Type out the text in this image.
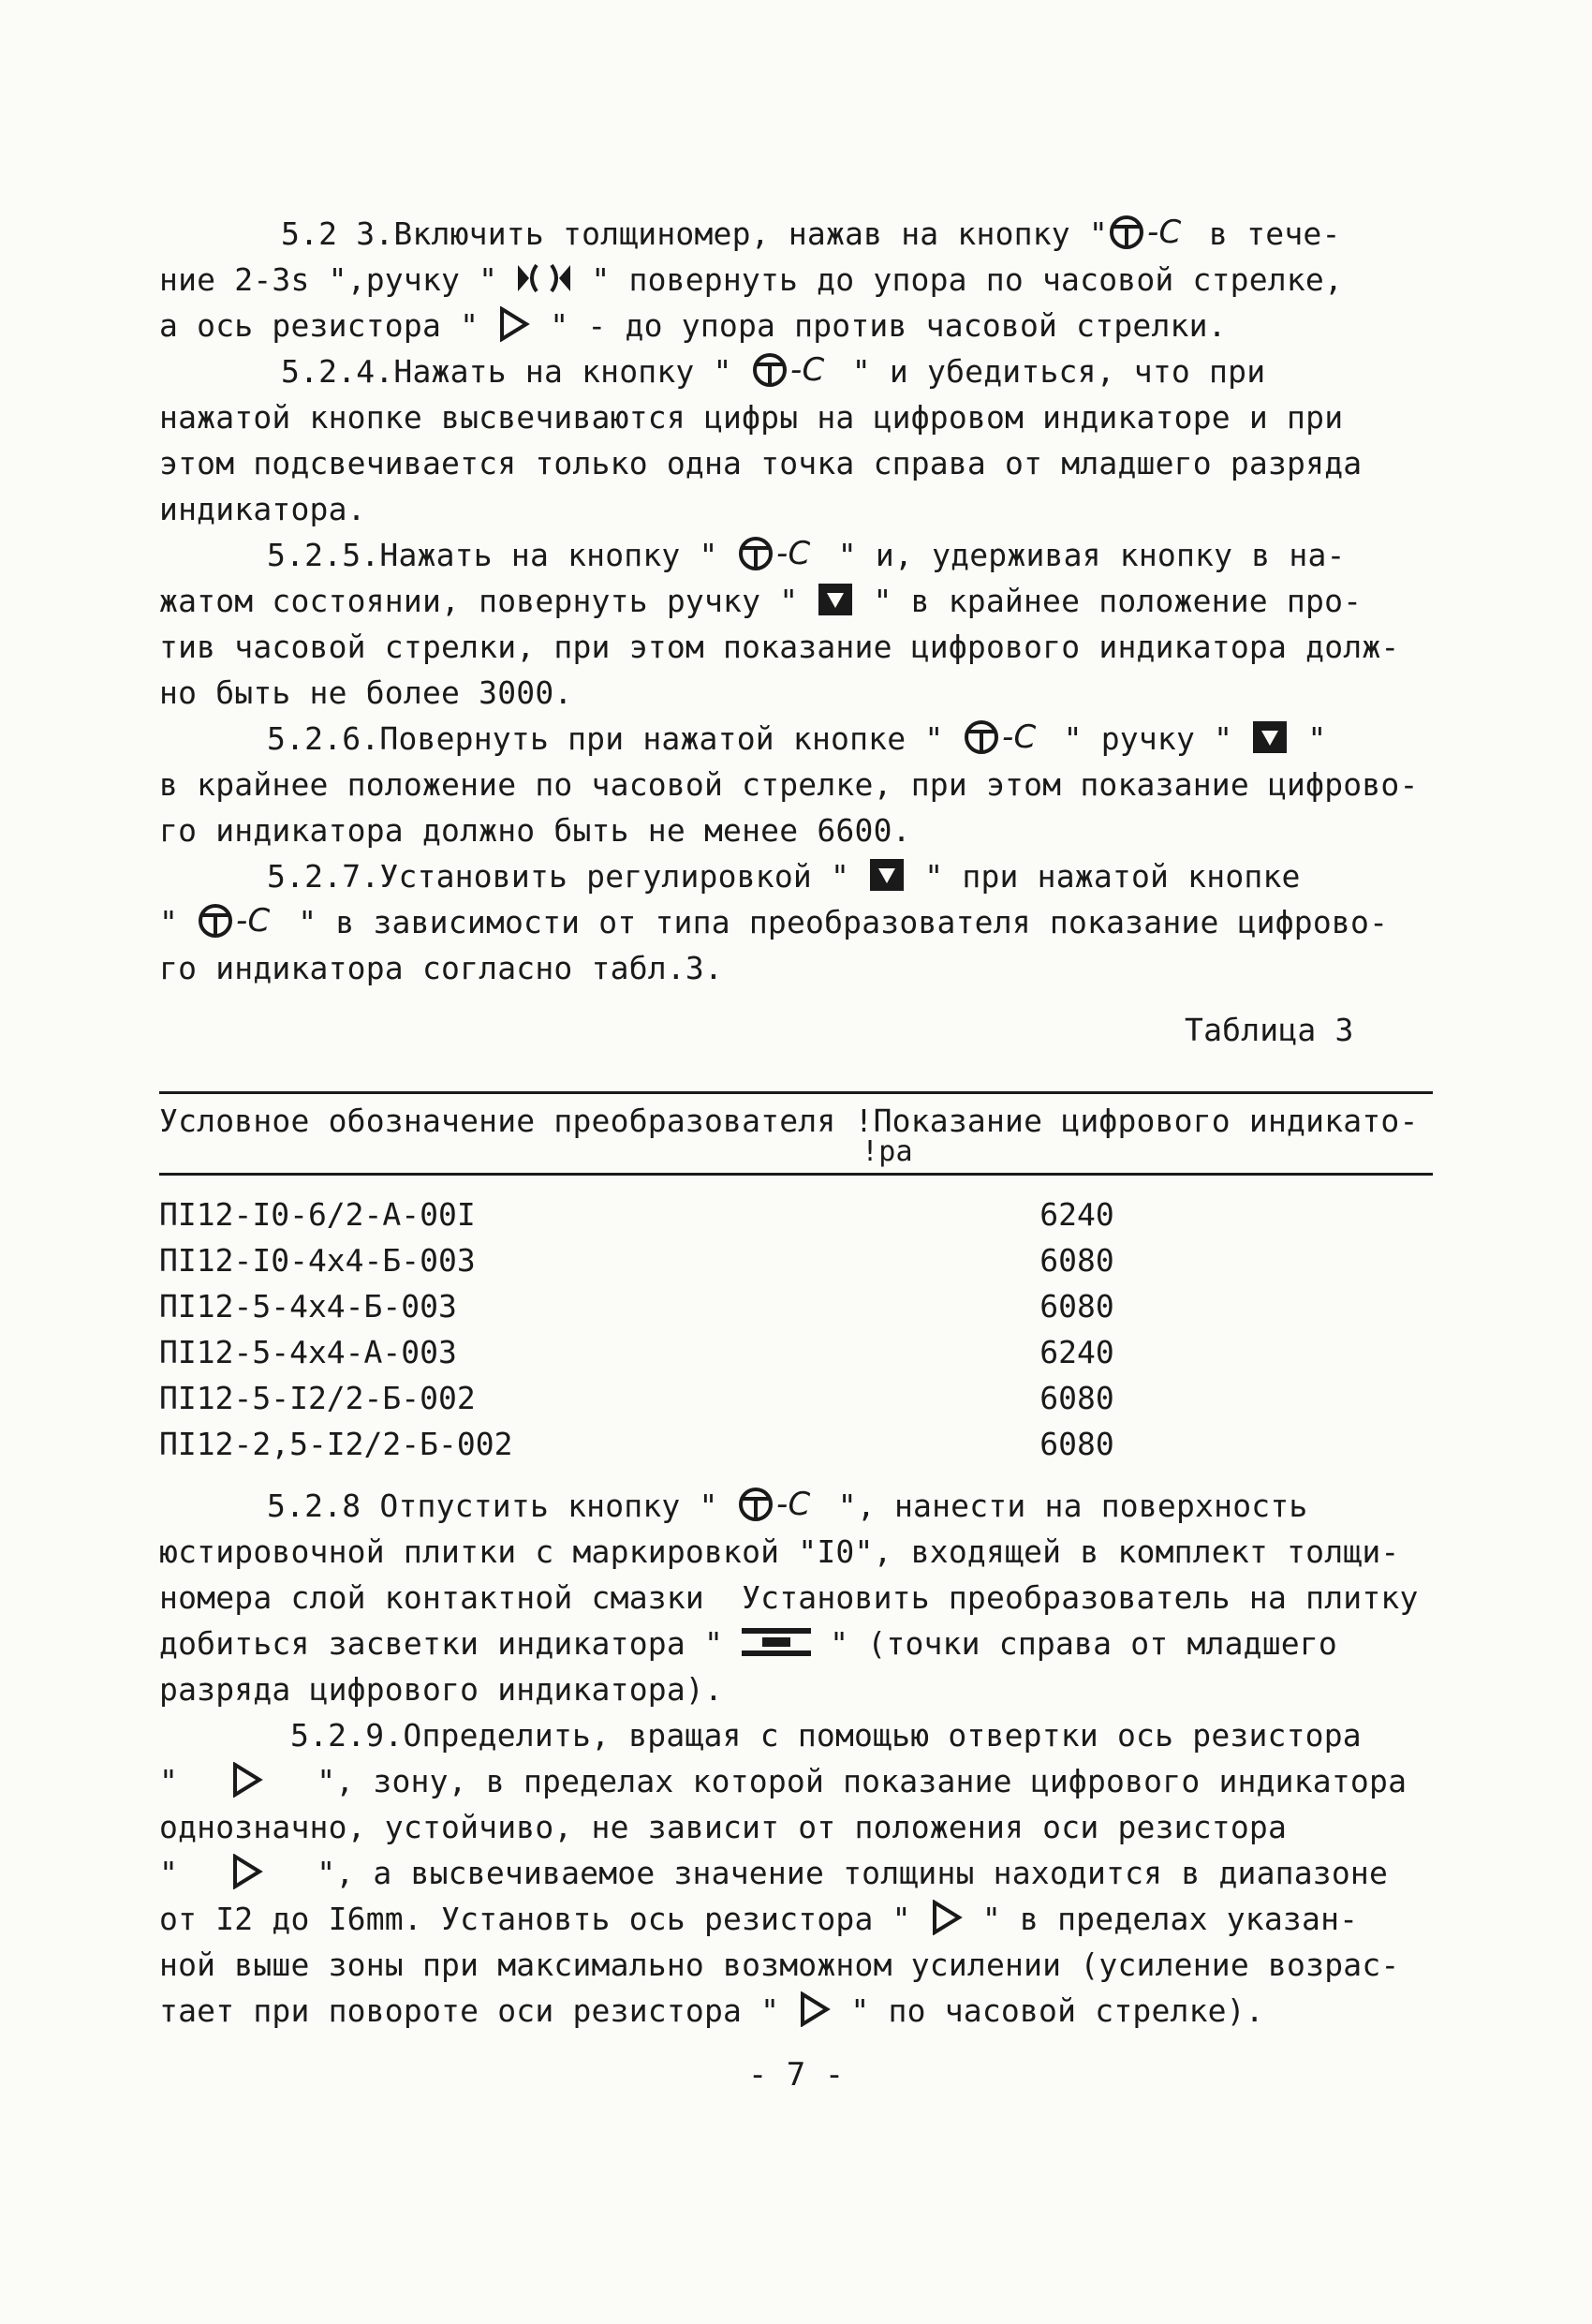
5.2 3.Включить толщиномер, нажав на кнопку " -C в тече-
ние 2-3s ",ручку "
" повернуть до упора по часовой стрелке,
а ось резистора "
" - до упора против часовой стрелки.
5.2.4.Нажать на кнопку " -C " и убедиться, что при
нажатой кнопке высвечиваются цифры на цифровом индикаторе и при
этом подсвечивается только одна точка справа от младшего разряда
индикатора.
5.2.5.Нажать на кнопку " -C " и, удерживая кнопку в на-
жатом состоянии, повернуть ручку "
" в крайнее положение про-
тив часовой стрелки, при этом показание цифрового индикатора долж-
но быть не более 3000.
5.2.6.Повернуть при нажатой кнопке " -C " ручку "
"
в крайнее положение по часовой стрелке, при этом показание цифрово-
го индикатора должно быть не менее 6600.
5.2.7.Установить регулировкой "
" при нажатой кнопке
" -C " в зависимости от типа преобразователя показание цифрово-
го индикатора согласно табл.3.
Таблица 3
Условное обозначение преобразователя !Показание цифрового индикато-
!ра
ПI12-I0-6/2-А-00I	6240
ПI12-I0-4x4-Б-003	6080
ПI12-5-4x4-Б-003	6080
ПI12-5-4x4-А-003	6240
ПI12-5-I2/2-Б-002	6080
ПI12-2,5-I2/2-Б-002	6080
5.2.8 Отпустить кнопку " -C ", нанести на поверхность
юстировочной плитки с маркировкой "I0", входящей в комплект толщи-
номера слой контактной смазки  Установить преобразователь на плитку
добиться засветки индикатора "
" (точки справа от младшего
разряда цифрового индикатора).
5.2.9.Определить, вращая с помощью отвертки ось резистора
"	", зону, в пределах которой показание цифрового индикатора
однозначно, устойчиво, не зависит от положения оси резистора
"	", а высвечиваемое значение толщины находится в диапазоне
от I2 до I6mm. Установть ось резистора "
" в пределах указан-
ной выше зоны при максимально возможном усилении (усиление возрас-
тает при повороте оси резистора "
" по часовой стрелке).
- 7 -
